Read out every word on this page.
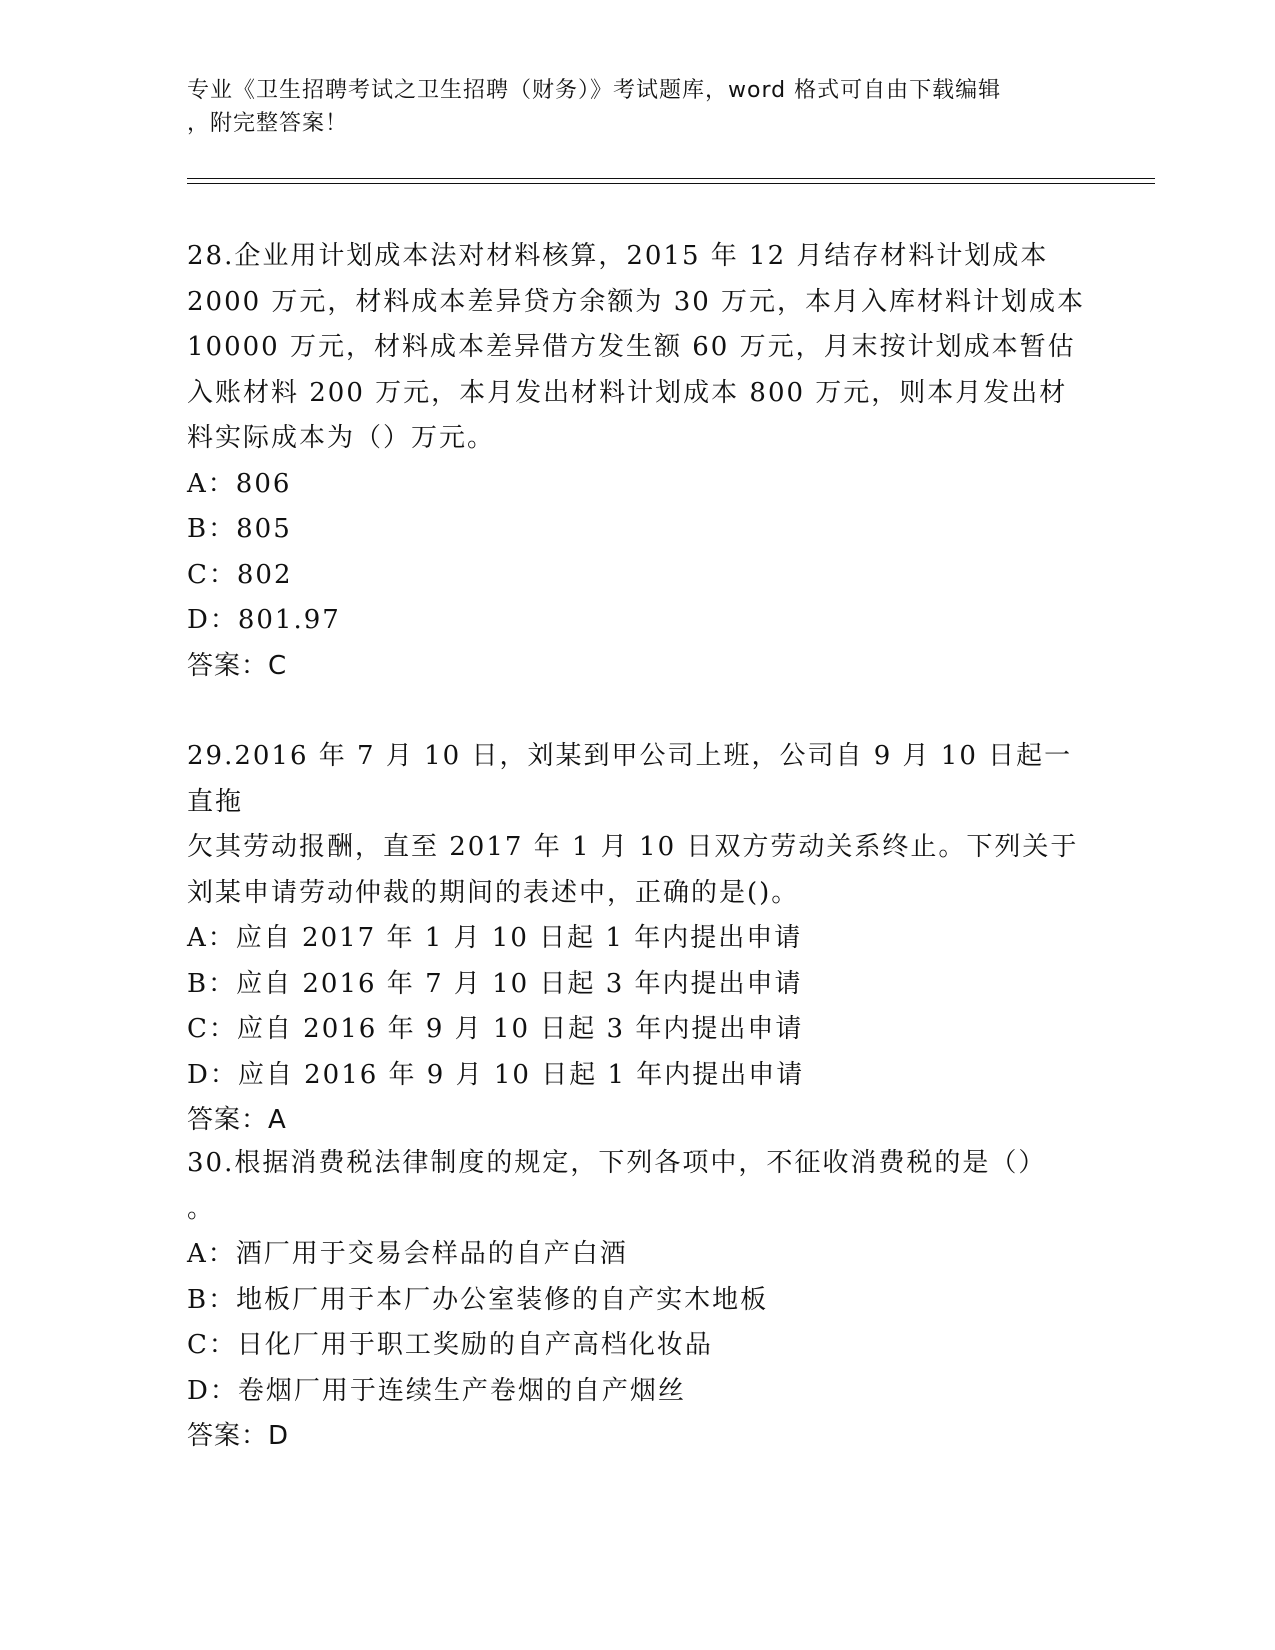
专业《卫生招聘考试之卫生招聘（财务）》考试题库，word 格式可自由下载编辑
，附完整答案！
28.企业用计划成本法对材料核算，2015 年 12 月结存材料计划成本
2000 万元，材料成本差异贷方余额为 30 万元，本月入库材料计划成本
10000 万元，材料成本差异借方发生额 60 万元，月末按计划成本暂估
入账材料 200 万元，本月发出材料计划成本 800 万元，则本月发出材
料实际成本为（）万元。
A：806
B：805
C：802
D：801.97
答案：C
29.2016 年 7 月 10 日，刘某到甲公司上班，公司自 9 月 10 日起一直拖
欠其劳动报酬，直至 2017 年 1 月 10 日双方劳动关系终止。下列关于
刘某申请劳动仲裁的期间的表述中，正确的是()。
A：应自 2017 年 1 月 10 日起 1 年内提出申请
B：应自 2016 年 7 月 10 日起 3 年内提出申请
C：应自 2016 年 9 月 10 日起 3 年内提出申请
D：应自 2016 年 9 月 10 日起 1 年内提出申请
答案：A
30.根据消费税法律制度的规定，下列各项中，不征收消费税的是（）
。
A：酒厂用于交易会样品的自产白酒
B：地板厂用于本厂办公室装修的自产实木地板
C：日化厂用于职工奖励的自产高档化妆品
D：卷烟厂用于连续生产卷烟的自产烟丝
答案：D
